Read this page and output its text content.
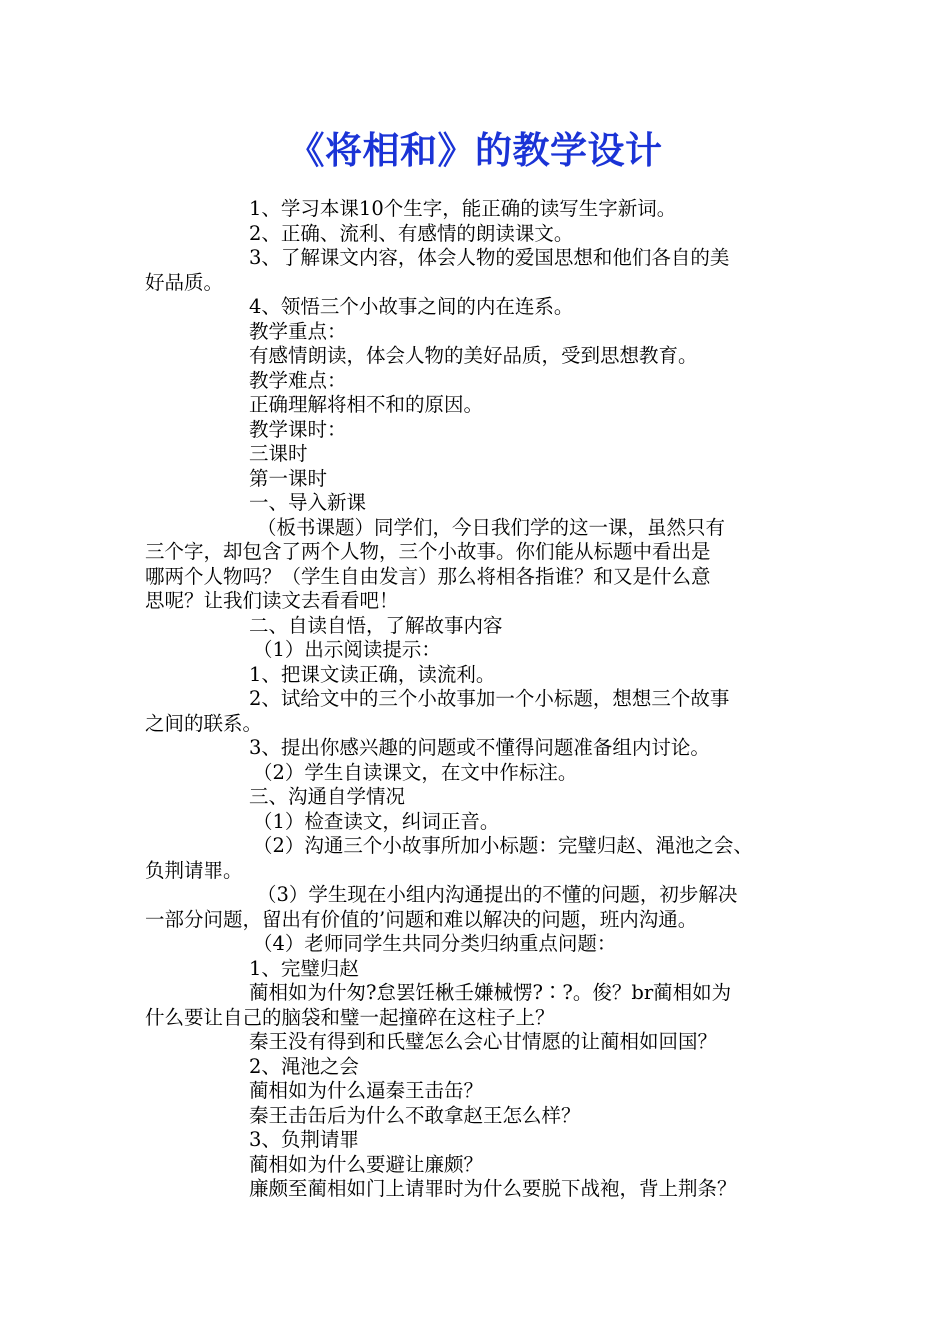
《将相和》的教学设计

1、学习本课10个生字，能正确的读写生字新词。

2、正确、流利、有感情的朗读课文。

3、了解课文内容，体会人物的爱国思想和他们各自的美

好品质。

4、领悟三个小故事之间的内在连系。

教学重点：

有感情朗读，体会人物的美好品质，受到思想教育。

教学难点：

正确理解将相不和的原因。

教学课时：

三课时

第一课时

一、导入新课

（板书课题）同学们，今日我们学的这一课，虽然只有

三个字，却包含了两个人物，三个小故事。你们能从标题中看出是

哪两个人物吗？（学生自由发言）那么将相各指谁？和又是什么意

思呢？让我们读文去看看吧！

二、自读自悟，了解故事内容

（1）出示阅读提示：

1、把课文读正确，读流利。

2、试给文中的三个小故事加一个小标题，想想三个故事

之间的联系。

3、提出你感兴趣的问题或不懂得问题准备组内讨论。

（2）学生自读课文，在文中作标注。

三、沟通自学情况

（1）检查读文，纠词正音。

（2）沟通三个小故事所加小标题：完璧归赵、渑池之会、

负荆请罪。

（3）学生现在小组内沟通提出的不懂的问题，初步解决

一部分问题，留出有价值的’问题和难以解决的问题，班内沟通。

（4）老师同学生共同分类归纳重点问题：

1、完璧归赵

蔺相如为什匆?怠罢饪楸壬嫌械愣?∶?。俊？br蔺相如为

什么要让自己的脑袋和璧一起撞碎在这柱子上？

秦王没有得到和氏璧怎么会心甘情愿的让蔺相如回国？

2、渑池之会

蔺相如为什么逼秦王击缶？

秦王击缶后为什么不敢拿赵王怎么样？

3、负荆请罪

蔺相如为什么要避让廉颇？

廉颇至蔺相如门上请罪时为什么要脱下战袍，背上荆条？
